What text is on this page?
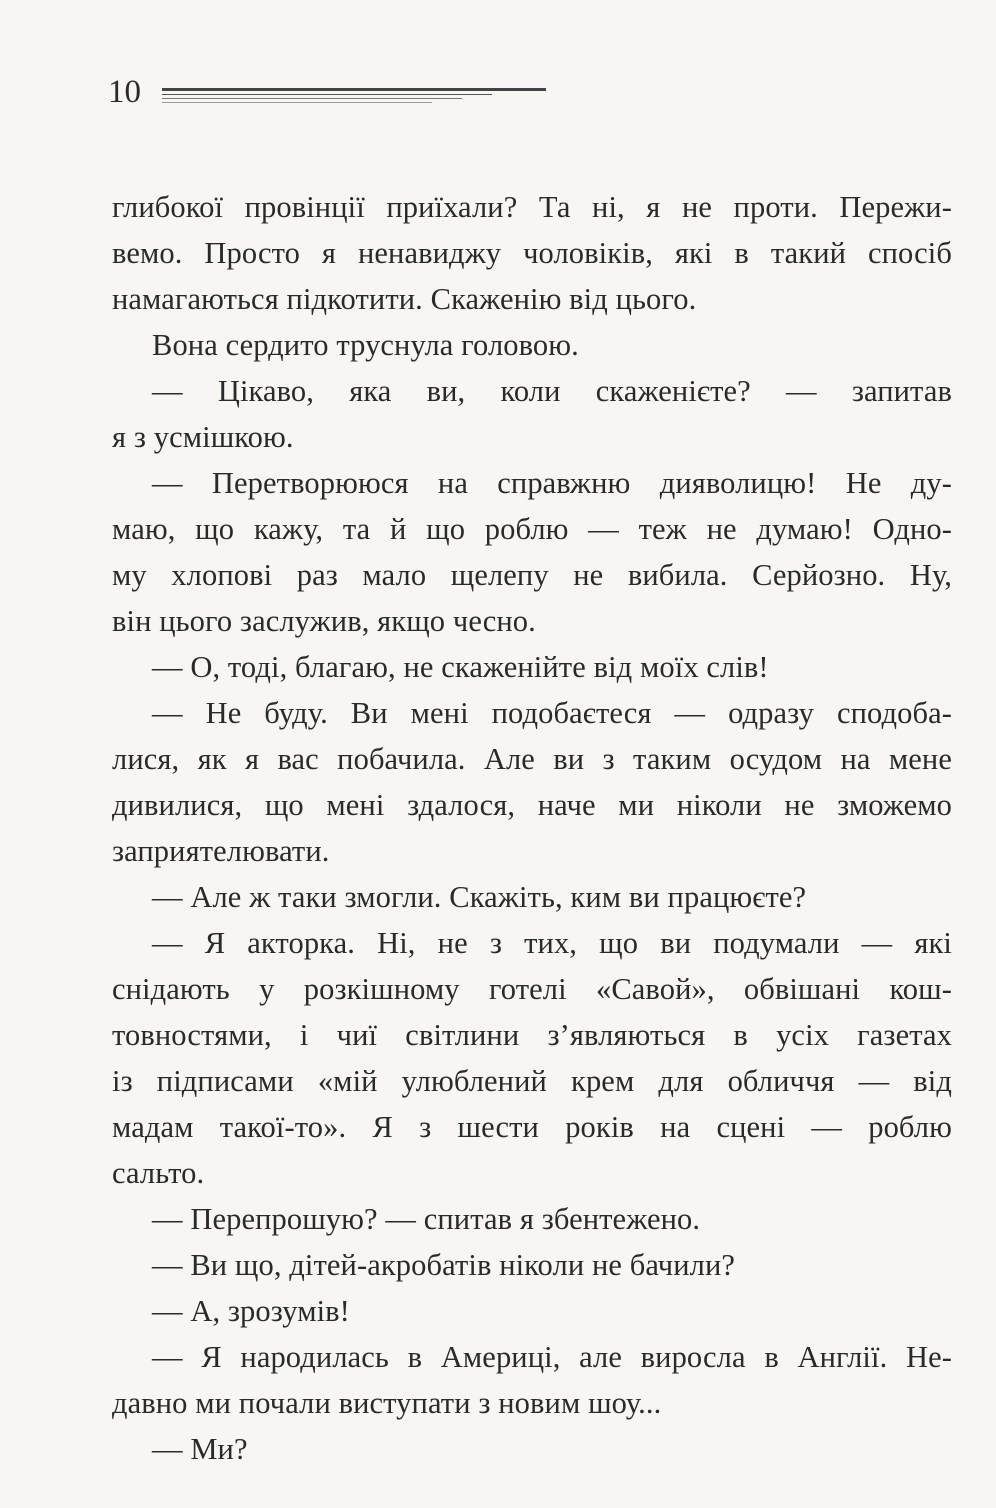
10
глибокої провінції приїхали? Та ні, я не проти. Пережи-
вемо. Просто я ненавиджу чоловіків, які в такий спосіб
намагаються підкотити. Скаженію від цього.
Вона сердито труснула головою.
— Цікаво, яка ви, коли скаженієте? — запитав
я з усмішкою.
— Перетворююся на справжню дияволицю! Не ду-
маю, що кажу, та й що роблю — теж не думаю! Одно-
му хлопові раз мало щелепу не вибила. Серйозно. Ну,
він цього заслужив, якщо чесно.
— О, тоді, благаю, не скаженійте від моїх слів!
— Не буду. Ви мені подобаєтеся — одразу сподоба-
лися, як я вас побачила. Але ви з таким осудом на мене
дивилися, що мені здалося, наче ми ніколи не зможемо
заприятелювати.
— Але ж таки змогли. Скажіть, ким ви працюєте?
— Я акторка. Ні, не з тих, що ви подумали — які
снідають у розкішному готелі «Савой», обвішані кош-
товностями, і чиї світлини з’являються в усіх газетах
із підписами «мій улюблений крем для обличчя — від
мадам такої-то». Я з шести років на сцені — роблю
сальто.
— Перепрошую? — спитав я збентежено.
— Ви що, дітей-акробатів ніколи не бачили?
— А, зрозумів!
— Я народилась в Америці, але виросла в Англії. Не-
давно ми почали виступати з новим шоу...
— Ми?
